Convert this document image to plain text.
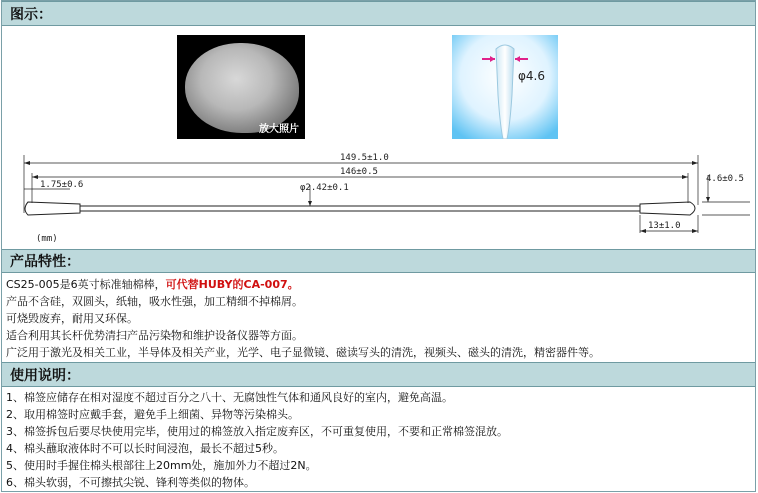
图示：
放大照片
φ4.6
149.5±1.0
146±0.5
1.75±0.6	φ2.42±0.1
4.6±0.5
13±1.0
(mm)
产品特性：
CS25-005是6英寸标准轴棉棒，可代替HUBY的CA-007。
产品不含硅，双圆头，纸轴，吸水性强，加工精细不掉棉屑。
可烧毁废弃，耐用又环保。
适合利用其长杆优势清扫产品污染物和维护设备仪器等方面。
广泛用于激光及相关工业，半导体及相关产业，光学、电子显微镜、磁读写头的清洗，视频头、磁头的清洗，精密器件等。
使用说明：
1、棉签应储存在相对湿度不超过百分之八十、无腐蚀性气体和通风良好的室内，避免高温。
2、取用棉签时应戴手套，避免手上细菌、异物等污染棉头。
3、棉签拆包后要尽快使用完毕，使用过的棉签放入指定废弃区，不可重复使用，不要和正常棉签混放。
4、棉头蘸取液体时不可以长时间浸泡，最长不超过5秒。
5、使用时手握住棉头根部往上20mm处，施加外力不超过2N。
6、棉头软弱，不可擦拭尖锐、锋利等类似的物体。
